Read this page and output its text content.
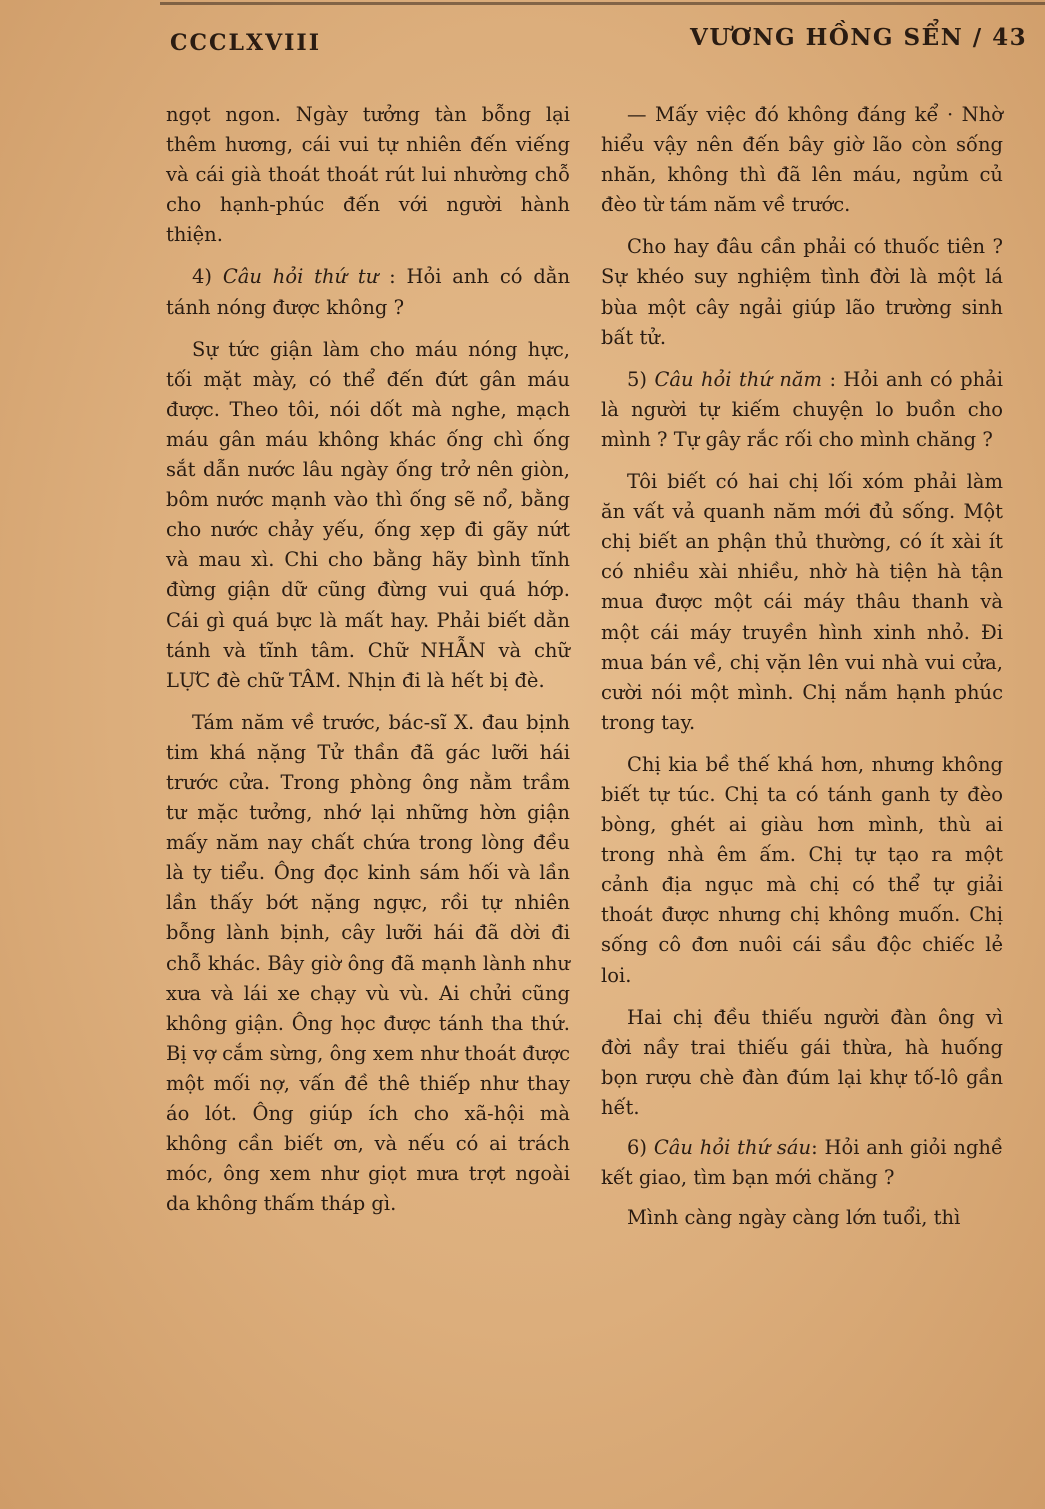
CCCLXVIII	VƯƠNG HỒNG SỂN / 43

ngọt ngon. Ngày tưởng tàn bỗng lại thêm hương, cái vui tự nhiên đến viếng và cái già thoát thoát rút lui nhường chỗ cho hạnh-phúc đến với người hành thiện.

4) Câu hỏi thứ tư : Hỏi anh có dằn tánh nóng được không ?

Sự tức giận làm cho máu nóng hực, tối mặt mày, có thể đến đứt gân máu được. Theo tôi, nói dốt mà nghe, mạch máu gân máu không khác ống chì ống sắt dẫn nước lâu ngày ống trở nên giòn, bôm nước mạnh vào thì ống sẽ nổ, bằng cho nước chảy yếu, ống xẹp đi gãy nứt và mau xì. Chi cho bằng hãy bình tĩnh đừng giận dữ cũng đừng vui quá hớp. Cái gì quá bực là mất hay. Phải biết dằn tánh và tĩnh tâm. Chữ NHẪN và chữ LỰC đè chữ TÂM. Nhịn đi là hết bị đè.

Tám năm về trước, bác-sĩ X. đau bịnh tim khá nặng Tử thần đã gác lưỡi hái trước cửa. Trong phòng ông nằm trầm tư mặc tưởng, nhớ lại những hờn giận mấy năm nay chất chứa trong lòng đều là ty tiểu. Ông đọc kinh sám hối và lần lần thấy bớt nặng ngực, rồi tự nhiên bỗng lành bịnh, cây lưỡi hái đã dời đi chỗ khác. Bây giờ ông đã mạnh lành như xưa và lái xe chạy vù vù. Ai chửi cũng không giận. Ông học được tánh tha thứ. Bị vợ cắm sừng, ông xem như thoát được một mối nợ, vấn đề thê thiếp như thay áo lót. Ông giúp ích cho xã-hội mà không cần biết ơn, và nếu có ai trách móc, ông xem như giọt mưa trợt ngoài da không thấm tháp gì.

— Mấy việc đó không đáng kể · Nhờ hiểu vậy nên đến bây giờ lão còn sống nhăn, không thì đã lên máu, ngủm củ đèo từ tám năm về trước.

Cho hay đâu cần phải có thuốc tiên ? Sự khéo suy nghiệm tình đời là một lá bùa một cây ngải giúp lão trường sinh bất tử.

5) Câu hỏi thứ năm : Hỏi anh có phải là người tự kiếm chuyện lo buồn cho mình ? Tự gây rắc rối cho mình chăng ?

Tôi biết có hai chị lối xóm phải làm ăn vất vả quanh năm mới đủ sống. Một chị biết an phận thủ thường, có ít xài ít có nhiều xài nhiều, nhờ hà tiện hà tận mua được một cái máy thâu thanh và một cái máy truyền hình xinh nhỏ. Đi mua bán về, chị vặn lên vui nhà vui cửa, cười nói một mình. Chị nắm hạnh phúc trong tay.

Chị kia bề thế khá hơn, nhưng không biết tự túc. Chị ta có tánh ganh ty đèo bòng, ghét ai giàu hơn mình, thù ai trong nhà êm ấm. Chị tự tạo ra một cảnh địa ngục mà chị có thể tự giải thoát được nhưng chị không muốn. Chị sống cô đơn nuôi cái sầu độc chiếc lẻ loi.

Hai chị đều thiếu người đàn ông vì đời nầy trai thiếu gái thừa, hà huống bọn rượu chè đàn đúm lại khự tố-lô gần hết.

6) Câu hỏi thứ sáu: Hỏi anh giỏi nghề kết giao, tìm bạn mới chăng ?

Mình càng ngày càng lớn tuổi, thì
